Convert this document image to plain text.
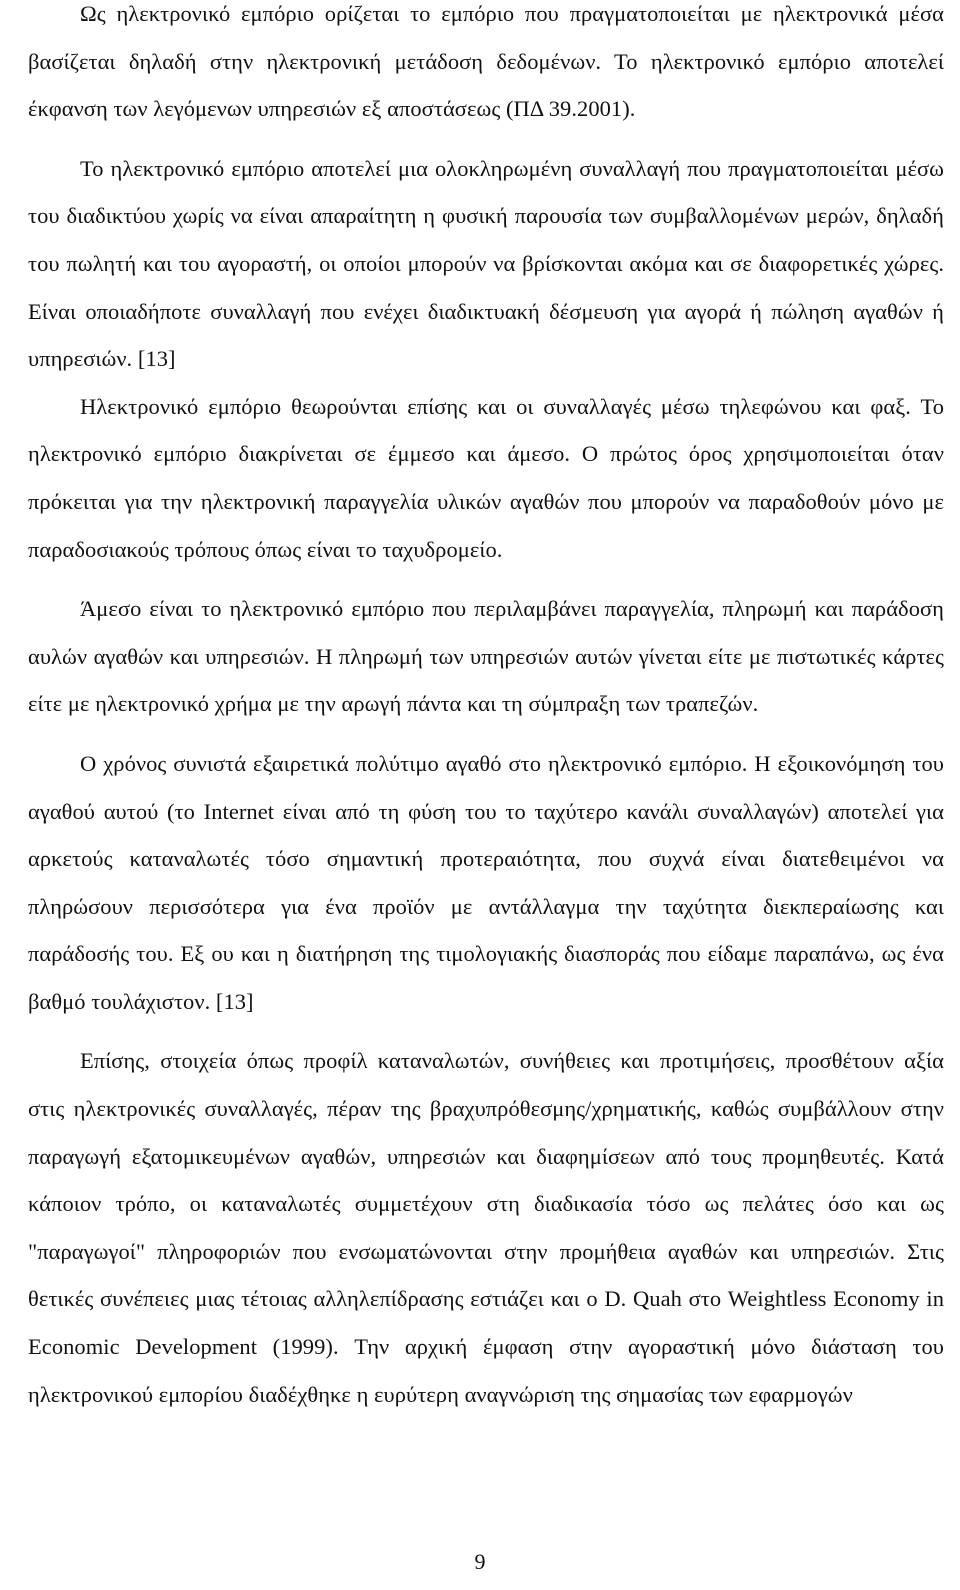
Ως ηλεκτρονικό εμπόριο ορίζεται το εμπόριο που πραγματοποιείται με ηλεκτρονικά μέσα βασίζεται δηλαδή στην ηλεκτρονική μετάδοση δεδομένων. Το ηλεκτρονικό εμπόριο αποτελεί έκφανση των λεγόμενων υπηρεσιών εξ αποστάσεως (ΠΔ 39.2001).

Το ηλεκτρονικό εμπόριο αποτελεί μια ολοκληρωμένη συναλλαγή που πραγματοποιείται μέσω του διαδικτύου χωρίς να είναι απαραίτητη η φυσική παρουσία των συμβαλλομένων μερών, δηλαδή του πωλητή και του αγοραστή, οι οποίοι μπορούν να βρίσκονται ακόμα και σε διαφορετικές χώρες. Είναι οποιαδήποτε συναλλαγή που ενέχει διαδικτυακή δέσμευση για αγορά ή πώληση αγαθών ή υπηρεσιών. [13]

Ηλεκτρονικό εμπόριο θεωρούνται επίσης και οι συναλλαγές μέσω τηλεφώνου και φαξ. Το ηλεκτρονικό εμπόριο διακρίνεται σε έμμεσο και άμεσο. Ο πρώτος όρος χρησιμοποιείται όταν πρόκειται για την ηλεκτρονική παραγγελία υλικών αγαθών που μπορούν να παραδοθούν μόνο με παραδοσιακούς τρόπους όπως είναι το ταχυδρομείο.

Άμεσο είναι το ηλεκτρονικό εμπόριο που περιλαμβάνει παραγγελία, πληρωμή και παράδοση αυλών αγαθών και υπηρεσιών. Η πληρωμή των υπηρεσιών αυτών γίνεται είτε με πιστωτικές κάρτες είτε με ηλεκτρονικό χρήμα με την αρωγή πάντα και τη σύμπραξη των τραπεζών.

Ο χρόνος συνιστά εξαιρετικά πολύτιμο αγαθό στο ηλεκτρονικό εμπόριο. Η εξοικονόμηση του αγαθού αυτού (το Internet είναι από τη φύση του το ταχύτερο κανάλι συναλλαγών) αποτελεί για αρκετούς καταναλωτές τόσο σημαντική προτεραιότητα, που συχνά είναι διατεθειμένοι να πληρώσουν περισσότερα για ένα προϊόν με αντάλλαγμα την ταχύτητα διεκπεραίωσης και παράδοσής του. Εξ ου και η διατήρηση της τιμολογιακής διασποράς που είδαμε παραπάνω, ως ένα βαθμό τουλάχιστον. [13]

Επίσης, στοιχεία όπως προφίλ καταναλωτών, συνήθειες και προτιμήσεις, προσθέτουν αξία στις ηλεκτρονικές συναλλαγές, πέραν της βραχυπρόθεσμης/χρηματικής, καθώς συμβάλλουν στην παραγωγή εξατομικευμένων αγαθών, υπηρεσιών και διαφημίσεων από τους προμηθευτές. Κατά κάποιον τρόπο, οι καταναλωτές συμμετέχουν στη διαδικασία τόσο ως πελάτες όσο και ως "παραγωγοί" πληροφοριών που ενσωματώνονται στην προμήθεια αγαθών και υπηρεσιών. Στις θετικές συνέπειες μιας τέτοιας αλληλεπίδρασης εστιάζει και ο D. Quah στο Weightless Economy in Economic Development (1999). Την αρχική έμφαση στην αγοραστική μόνο διάσταση του ηλεκτρονικού εμπορίου διαδέχθηκε η ευρύτερη αναγνώριση της σημασίας των εφαρμογών

9
